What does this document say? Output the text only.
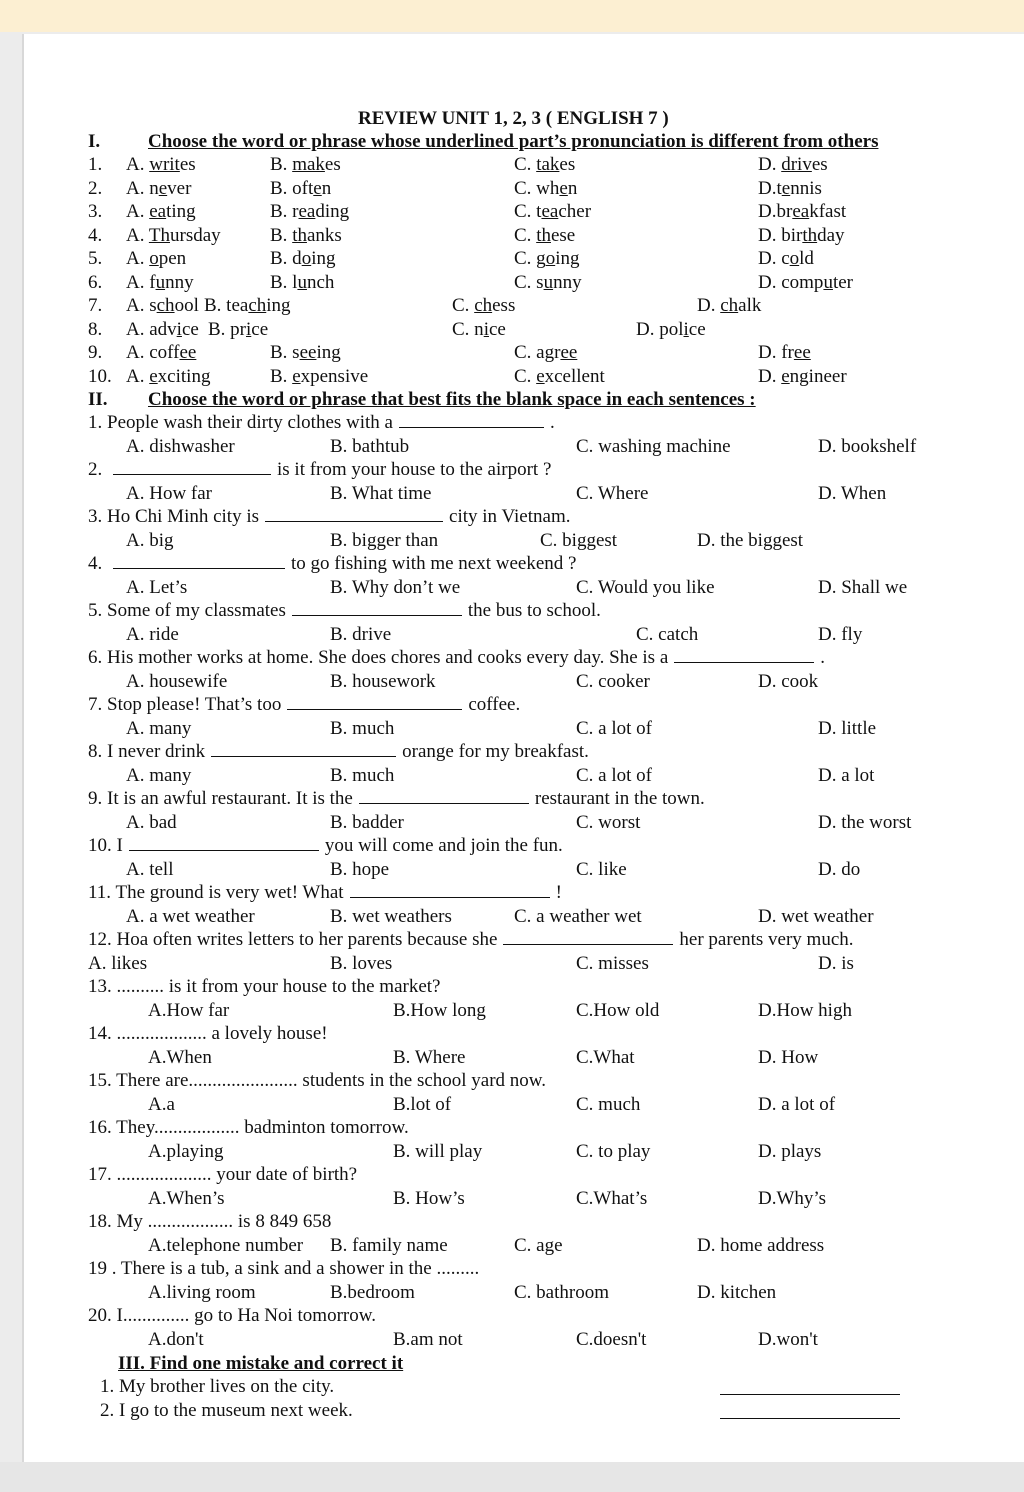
REVIEW UNIT 1, 2, 3 ( ENGLISH 7 )
I.	Choose the word or phrase whose underlined part’s pronunciation is different from others
1. A. writes	B. makes	C. takes	D. drives
2. A. never	B. often	C. when	D.tennis
3. A. eating	B. reading	C. teacher	D.breakfast
4. A. Thursday	B. thanks	C. these	D. birthday
5. A. open	B. doing	C. going	D. cold
6. A. funny	B. lunch	C. sunny	D. computer
7. A. school B. teaching	C. chess	D. chalk
8. A. advice B. price	C. nice	D. police
9. A. coffee	B. seeing	C. agree	D. free
10. A. exciting	B. expensive	C. excellent	D. engineer
II. Choose the word or phrase that best fits the blank space in each sentences :
1. People wash their dirty clothes with a	.
A. dishwasher	B. bathtub	C. washing machine	D. bookshelf
2.	is it from your house to the airport ?
A. How far	B. What time	C. Where	D. When
3. Ho Chi Minh city is	city in Vietnam.
A. big	B. bigger than	C. biggest	D. the biggest
4.	to go fishing with me next weekend ?
A. Let’s	B. Why don’t we	C. Would you like	D. Shall we
5. Some of my classmates	the bus to school.
A. ride	B. drive	C. catch	D. fly
6. His mother works at home. She does chores and cooks every day. She is a	.
A. housewife	B. housework	C. cooker	D. cook
7. Stop please! That’s too	coffee.
A. many	B. much	C. a lot of	D. little
8. I never drink	orange for my breakfast.
A. many	B. much	C. a lot of	D. a lot
9. It is an awful restaurant. It is the	restaurant in the town.
A. bad	B. badder	C. worst	D. the worst
10. I	you will come and join the fun.
A. tell	B. hope	C. like	D. do
11. The ground is very wet! What	!
A. a wet weather	B. wet weathers	C. a weather wet	D. wet weather
12. Hoa often writes letters to her parents because she	her parents very much.
A. likes	B. loves	C. misses	D. is
13. .......... is it from your house to the market?
A.How far	B.How long	C.How old	D.How high
14. ................... a lovely house!
A.When	B. Where	C.What	D. How
15. There are....................... students in the school yard now.
A.a	B.lot of	C. much	D. a lot of
16. They.................. badminton tomorrow.
A.playing	B. will play	C. to play	D. plays
17. .................... your date of birth?
A.When’s	B. How’s	C.What’s	D.Why’s
18. My .................. is 8 849 658
A.telephone number B. family name	C. age	D. home address
19 . There is a tub, a sink and a shower in the .........
A.living room	B.bedroom	C. bathroom	D. kitchen
20. I.............. go to Ha Noi tomorrow.
A.don't	B.am not	C.doesn't	D.won't
III. Find one mistake and correct it
1. My brother lives on the city.
2. I go to the museum next week.
